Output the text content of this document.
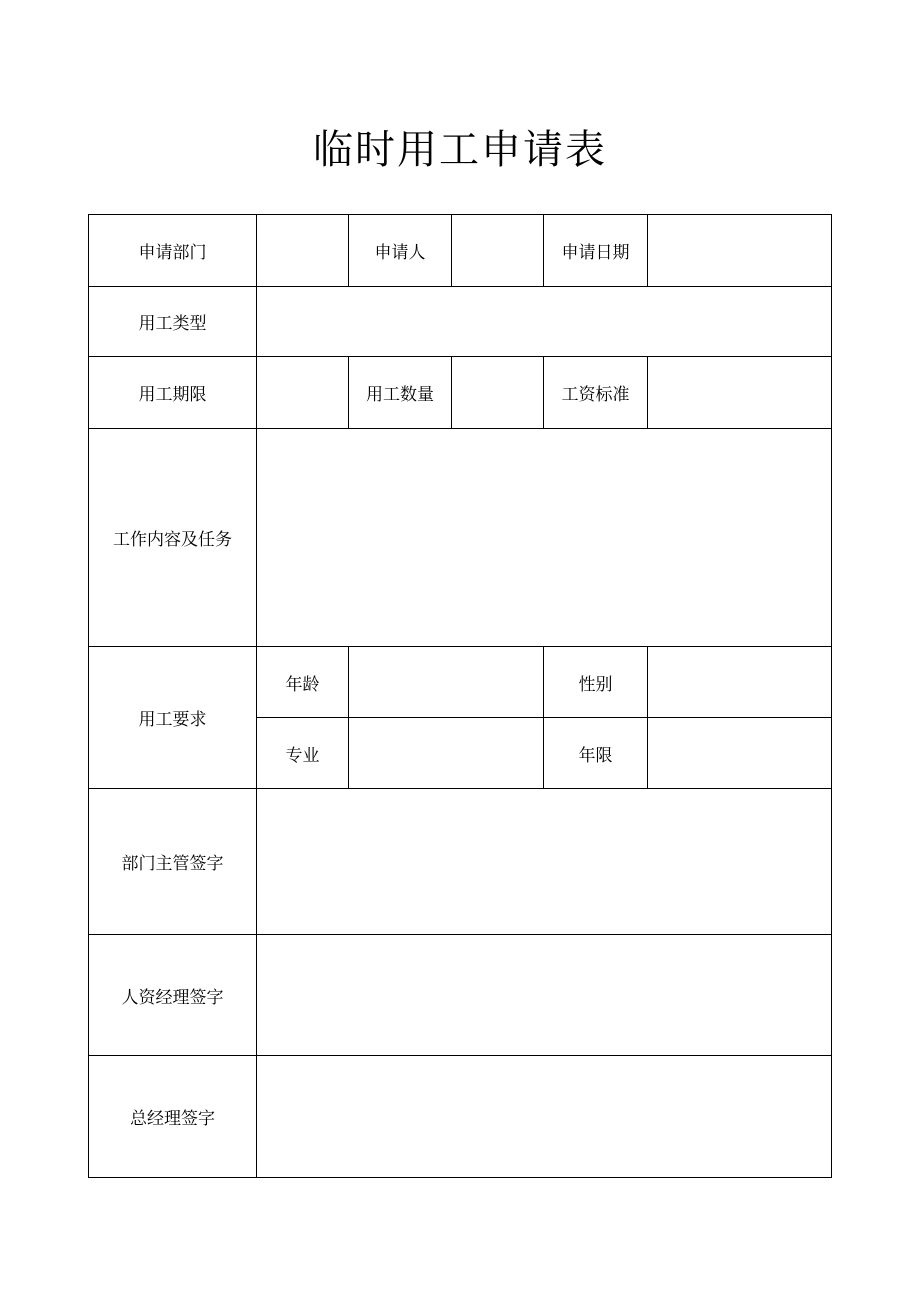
临时用工申请表
申请部门		申请人		申请日期	
用工类型					
用工期限		用工数量		工资标准	
工作内容及任务					
用工要求	年龄			性别	
	专业			年限	
部门主管签字					
人资经理签字					
总经理签字					
